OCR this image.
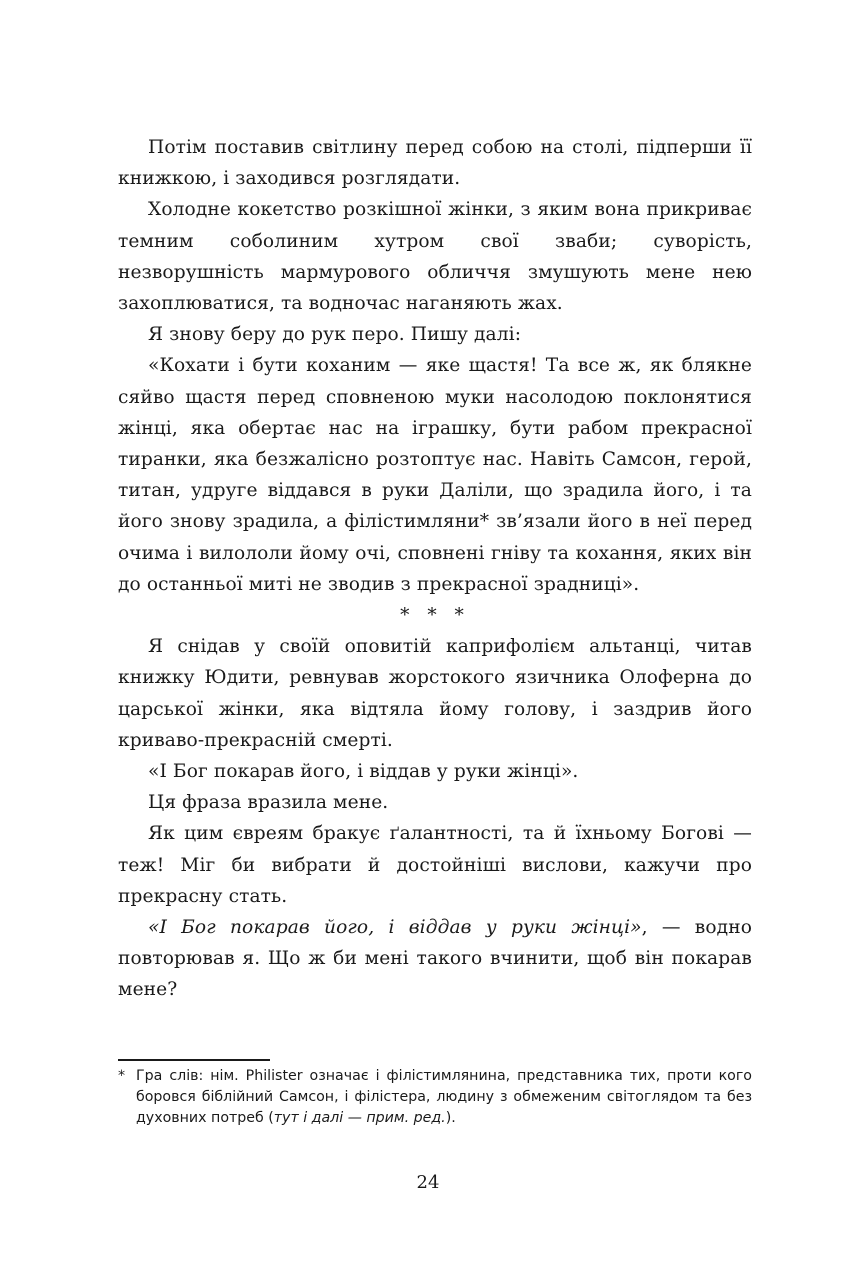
Потім поставив світлину перед собою на столі, підперши її книжкою, і заходився розглядати.

Холодне кокетство розкішної жінки, з яким вона прикриває темним соболиним хутром свої зваби; суворість, незворушність мармурового обличчя змушують мене нею захоплюватися, та водночас наганяють жах.

Я знову беру до рук перо. Пишу далі:

«Кохати і бути коханим — яке щастя! Та все ж, як блякне сяйво щастя перед сповненою муки насолодою поклонятися жінці, яка обертає нас на іграшку, бути рабом прекрасної тиранки, яка безжалісно розтоптує нас. Навіть Самсон, герой, титан, удруге віддався в руки Даліли, що зрадила його, і та його знову зрадила, а філістимляни* зв’язали його в неї перед очима і вилололи йому очі, сповнені гніву та кохання, яких він до останньої миті не зводив з прекрасної зрадниці».

* * *

Я снідав у своїй оповитій каприфолієм альтанці, читав книжку Юдити, ревнував жорстокого язичника Олоферна до царської жінки, яка відтяла йому голову, і заздрив його криваво-прекрасній смерті.

«І Бог покарав його, і віддав у руки жінці».

Ця фраза вразила мене.

Як цим євреям бракує ґалантності, та й їхньому Богові — теж! Міг би вибрати й достойніші вислови, кажучи про прекрасну стать.

«І Бог покарав його, і віддав у руки жінці», — водно повторював я. Що ж би мені такого вчинити, щоб він покарав мене?

* Гра слів: нім. Philister означає і філістимлянина, представника тих, проти кого боровся біблійний Самсон, і філістера, людину з обмеженим світоглядом та без духовних потреб (тут і далі — прим. ред.).
24
